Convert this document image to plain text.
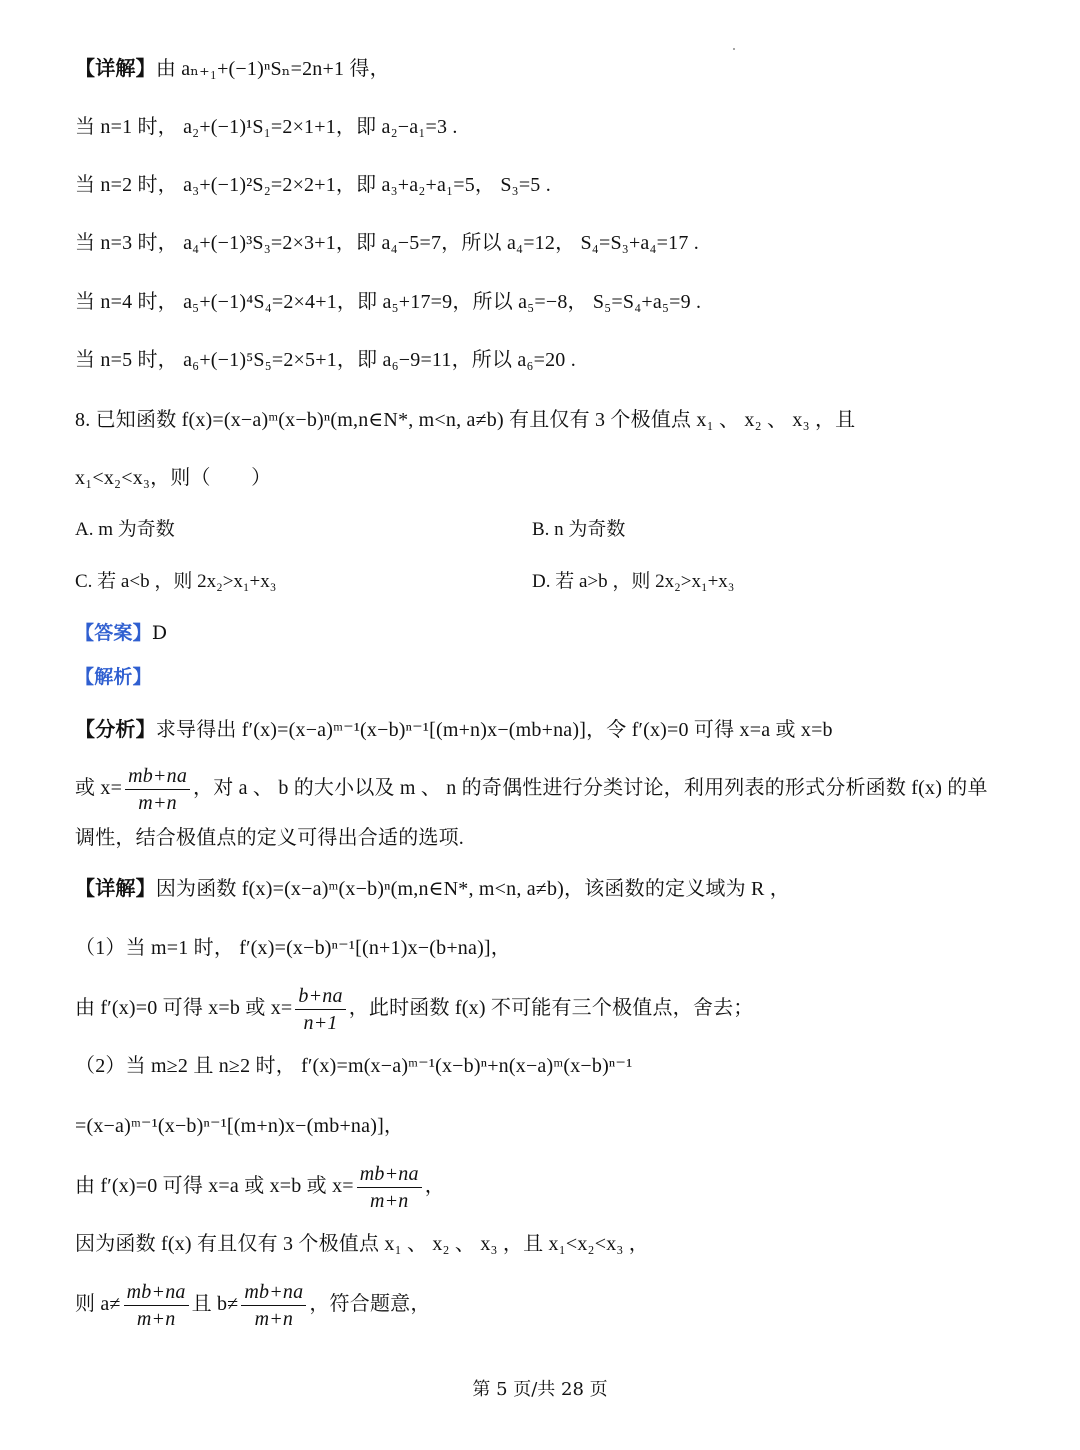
【详解】由 aₙ₊₁+(−1)ⁿSₙ=2n+1 得，
当 n=1 时， a₂+(−1)¹S₁=2×1+1，即 a₂−a₁=3 .
当 n=2 时， a₃+(−1)²S₂=2×2+1，即 a₃+a₂+a₁=5， S₃=5 .
当 n=3 时， a₄+(−1)³S₃=2×3+1，即 a₄−5=7，所以 a₄=12， S₄=S₃+a₄=17 .
当 n=4 时， a₅+(−1)⁴S₄=2×4+1，即 a₅+17=9，所以 a₅=−8， S₅=S₄+a₅=9 .
当 n=5 时， a₆+(−1)⁵S₅=2×5+1，即 a₆−9=11，所以 a₆=20 .
8. 已知函数 f(x)=(x−a)ᵐ(x−b)ⁿ(m,n∈N*, m<n, a≠b) 有且仅有 3 个极值点 x₁ 、 x₂ 、 x₃ ，且
x₁<x₂<x₃，则（　　）
A. m 为奇数	B. n 为奇数
C. 若 a<b ，则 2x₂>x₁+x₃	D. 若 a>b ，则 2x₂>x₁+x₃
【答案】D
【解析】
【分析】求导得出 f′(x)=(x−a)ᵐ⁻¹(x−b)ⁿ⁻¹[(m+n)x−(mb+na)]，令 f′(x)=0 可得 x=a 或 x=b
或 $x= \frac{mb+na}{m+n}$ ，对 a 、 b 的大小以及 m 、 n 的奇偶性进行分类讨论，利用列表的形式分析函数 f(x) 的单
调性，结合极值点的定义可得出合适的选项.
【详解】因为函数 f(x)=(x−a)ᵐ(x−b)ⁿ(m,n∈N*, m<n, a≠b)，该函数的定义域为 R ，
（1）当 m=1 时， f′(x)=(x−b)ⁿ⁻¹[(n+1)x−(b+na)]，
由 f′(x)=0 可得 x=b 或 $x= \frac{b+na}{n+1}$ ，此时函数 f(x) 不可能有三个极值点，舍去；
（2）当 m≥2 且 n≥2 时， f′(x)=m(x−a)ᵐ⁻¹(x−b)ⁿ+n(x−a)ᵐ(x−b)ⁿ⁻¹
=(x−a)ᵐ⁻¹(x−b)ⁿ⁻¹[(m+n)x−(mb+na)]，
由 f′(x)=0 可得 x=a 或 x=b 或 $x= \frac{mb+na}{m+n}$ ，
因为函数 f(x) 有且仅有 3 个极值点 x₁ 、 x₂ 、 x₃ ，且 x₁<x₂<x₃ ，
则 $a\ne \frac{mb+na}{m+n}$ 且 $b\ne \frac{mb+na}{m+n}$ ，符合题意，
第 5 页/共 28 页
